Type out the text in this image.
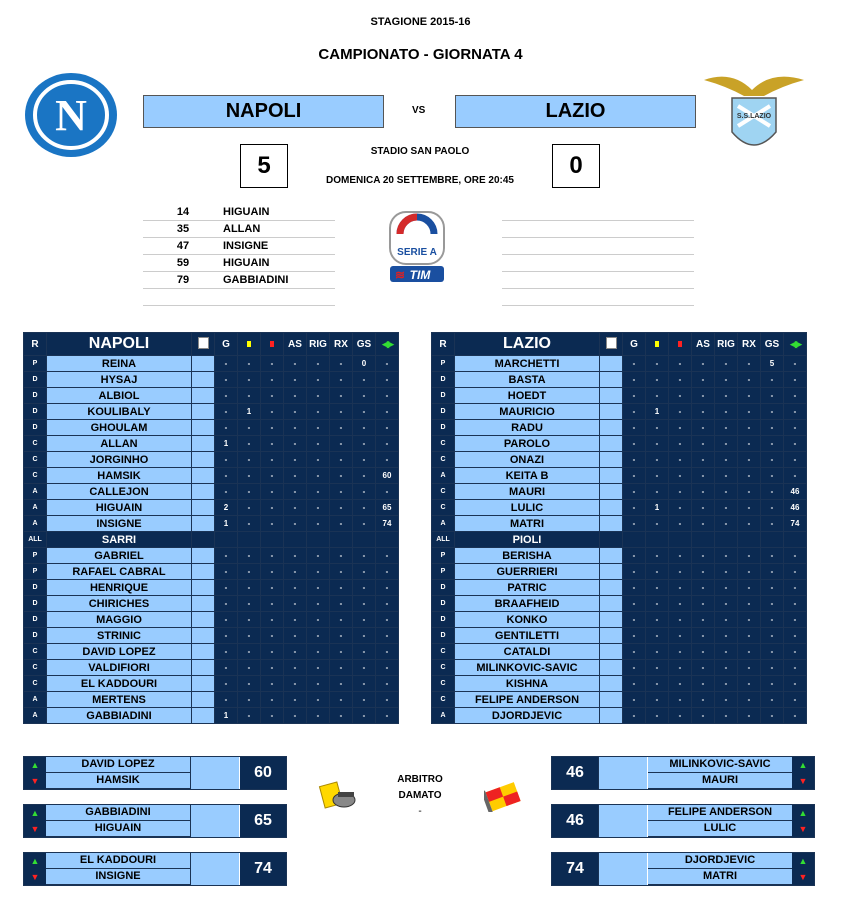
STAGIONE 2015-16
CAMPIONATO - GIORNATA 4
N	S.S.LAZIO
NAPOLI	VS	LAZIO
5	0
STADIO SAN PAOLO
DOMENICA 20 SETTEMBRE, ORE 20:45
14	HIGUAIN
35	ALLAN
47	INSIGNE
59	HIGUAIN
79	GABBIADINI
SERIE A
TIM
≋
R	NAPOLI		G			AS	RIG	RX	GS	◀▶
P	REINA		-	-	-	-	-	-	0	-
D	HYSAJ		-	-	-	-	-	-	-	-
D	ALBIOL		-	-	-	-	-	-	-	-
D	KOULIBALY		-	1	-	-	-	-	-	-
D	GHOULAM		-	-	-	-	-	-	-	-
C	ALLAN		1	-	-	-	-	-	-	-
C	JORGINHO		-	-	-	-	-	-	-	-
C	HAMSIK		-	-	-	-	-	-	-	60
A	CALLEJON		-	-	-	-	-	-	-	-
A	HIGUAIN		2	-	-	-	-	-	-	65
A	INSIGNE		1	-	-	-	-	-	-	74
ALL	SARRI									
P	GABRIEL		-	-	-	-	-	-	-	-
P	RAFAEL CABRAL		-	-	-	-	-	-	-	-
D	HENRIQUE		-	-	-	-	-	-	-	-
D	CHIRICHES		-	-	-	-	-	-	-	-
D	MAGGIO		-	-	-	-	-	-	-	-
D	STRINIC		-	-	-	-	-	-	-	-
C	DAVID LOPEZ		-	-	-	-	-	-	-	-
C	VALDIFIORI		-	-	-	-	-	-	-	-
C	EL KADDOURI		-	-	-	-	-	-	-	-
A	MERTENS		-	-	-	-	-	-	-	-
A	GABBIADINI		1	-	-	-	-	-	-	-
R	LAZIO		G			AS	RIG	RX	GS	◀▶
P	MARCHETTI		-	-	-	-	-	-	5	-
D	BASTA		-	-	-	-	-	-	-	-
D	HOEDT		-	-	-	-	-	-	-	-
D	MAURICIO		-	1	-	-	-	-	-	-
D	RADU		-	-	-	-	-	-	-	-
C	PAROLO		-	-	-	-	-	-	-	-
C	ONAZI		-	-	-	-	-	-	-	-
A	KEITA B		-	-	-	-	-	-	-	-
C	MAURI		-	-	-	-	-	-	-	46
C	LULIC		-	1	-	-	-	-	-	46
A	MATRI		-	-	-	-	-	-	-	74
ALL	PIOLI									
P	BERISHA		-	-	-	-	-	-	-	-
P	GUERRIERI		-	-	-	-	-	-	-	-
D	PATRIC		-	-	-	-	-	-	-	-
D	BRAAFHEID		-	-	-	-	-	-	-	-
D	KONKO		-	-	-	-	-	-	-	-
D	GENTILETTI		-	-	-	-	-	-	-	-
C	CATALDI		-	-	-	-	-	-	-	-
C	MILINKOVIC-SAVIC		-	-	-	-	-	-	-	-
C	KISHNA		-	-	-	-	-	-	-	-
C	FELIPE ANDERSON		-	-	-	-	-	-	-	-
A	DJORDJEVIC		-	-	-	-	-	-	-	-
▲
▼
DAVID LOPEZ
HAMSIK	60
▲
▼
GABBIADINI
HIGUAIN	65
▲
▼
EL KADDOURI
INSIGNE	74
46	MILINKOVIC-SAVIC
MAURI
▲
▼
46	FELIPE ANDERSON
LULIC
▲
▼
74	DJORDJEVIC
MATRI
▲
▼
ARBITRO
DAMATO
-
